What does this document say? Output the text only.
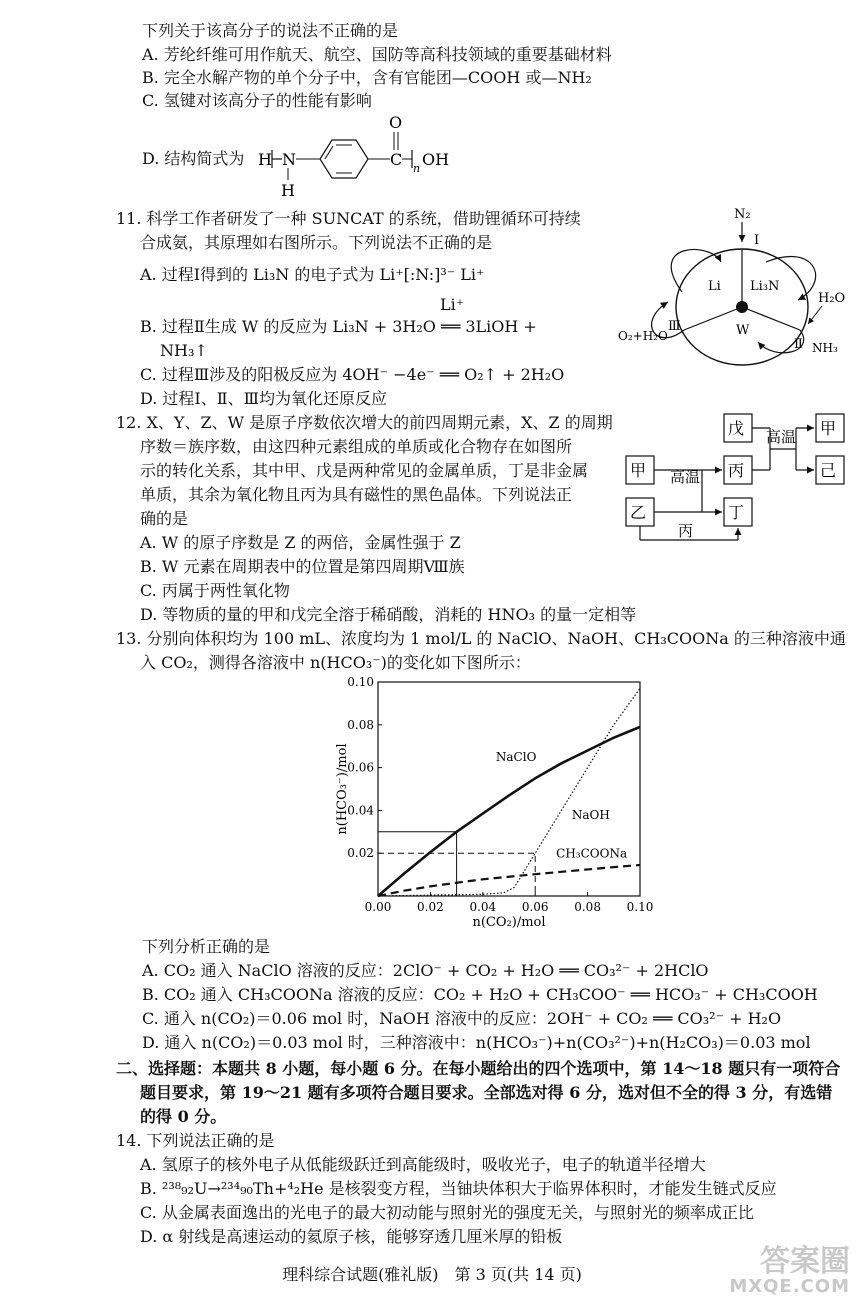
下列关于该高分子的说法不正确的是
A. 芳纶纤维可用作航天、航空、国防等高科技领域的重要基础材料
B. 完全水解产物的单个分子中，含有官能团—COOH 或—NH₂
C. 氢键对该高分子的性能有影响
D. 结构简式为 H N
H
C
O
n OH
11. 科学工作者研发了一种 SUNCAT 的系统，借助锂循环可持续
合成氨，其原理如右图所示。下列说法不正确的是
A. 过程Ⅰ得到的 Li₃N 的电子式为 Li⁺[:N:]³⁻ Li⁺
Li⁺
B. 过程Ⅱ生成 W 的反应为 Li₃N + 3H₂O ══ 3LiOH +
NH₃↑
C. 过程Ⅲ涉及的阳极反应为 4OH⁻ −4e⁻ ══ O₂↑ + 2H₂O
D. 过程Ⅰ、Ⅱ、Ⅲ均为氧化还原反应
N₂
Ⅰ
Li Li₃N
W
H₂O
Ⅲ
Ⅱ
O₂+H₂O
NH₃
12. X、Y、Z、W 是原子序数依次增大的前四周期元素，X、Z 的周期
序数＝族序数，由这四种元素组成的单质或化合物存在如图所
示的转化关系，其中甲、戊是两种常见的金属单质，丁是非金属
单质，其余为氧化物且丙为具有磁性的黑色晶体。下列说法正
确的是
A. W 的原子序数是 Z 的两倍，金属性强于 Z
B. W 元素在周期表中的位置是第四周期Ⅷ族
C. 丙属于两性氧化物
D. 等物质的量的甲和戊完全溶于稀硝酸，消耗的 HNO₃ 的量一定相等
戊 高温 甲
甲 高温 丙	己
乙	丁
丙
13. 分别向体积均为 100 mL、浓度均为 1 mol/L 的 NaClO、NaOH、CH₃COONa 的三种溶液中通
入 CO₂，测得各溶液中 n(HCO₃⁻)的变化如下图所示：
0.00 0.02 0.04 0.06 0.08 0.10
0.02
0.04
0.06
0.08
0.10
n(CO₂)/mol
n(HCO₃⁻)/mol	NaClO
NaOH
CH₃COONa
下列分析正确的是
A. CO₂ 通入 NaClO 溶液的反应：2ClO⁻ + CO₂ + H₂O ══ CO₃²⁻ + 2HClO
B. CO₂ 通入 CH₃COONa 溶液的反应：CO₂ + H₂O + CH₃COO⁻ ══ HCO₃⁻ + CH₃COOH
C. 通入 n(CO₂)＝0.06 mol 时，NaOH 溶液中的反应：2OH⁻ + CO₂ ══ CO₃²⁻ + H₂O
D. 通入 n(CO₂)＝0.03 mol 时，三种溶液中：n(HCO₃⁻)+n(CO₃²⁻)+n(H₂CO₃)＝0.03 mol
二、选择题：本题共 8 小题，每小题 6 分。在每小题给出的四个选项中，第 14～18 题只有一项符合
题目要求，第 19～21 题有多项符合题目要求。全部选对得 6 分，选对但不全的得 3 分，有选错
的得 0 分。
14. 下列说法正确的是
A. 氢原子的核外电子从低能级跃迁到高能级时，吸收光子，电子的轨道半径增大
B. ²³⁸₉₂U→²³⁴₉₀Th+⁴₂He 是核裂变方程，当铀块体积大于临界体积时，才能发生链式反应
C. 从金属表面逸出的光电子的最大初动能与照射光的强度无关，与照射光的频率成正比
D. α 射线是高速运动的氦原子核，能够穿透几厘米厚的铅板
理科综合试题(雅礼版)　第 3 页(共 14 页)	答案圈
MXQE.COM
